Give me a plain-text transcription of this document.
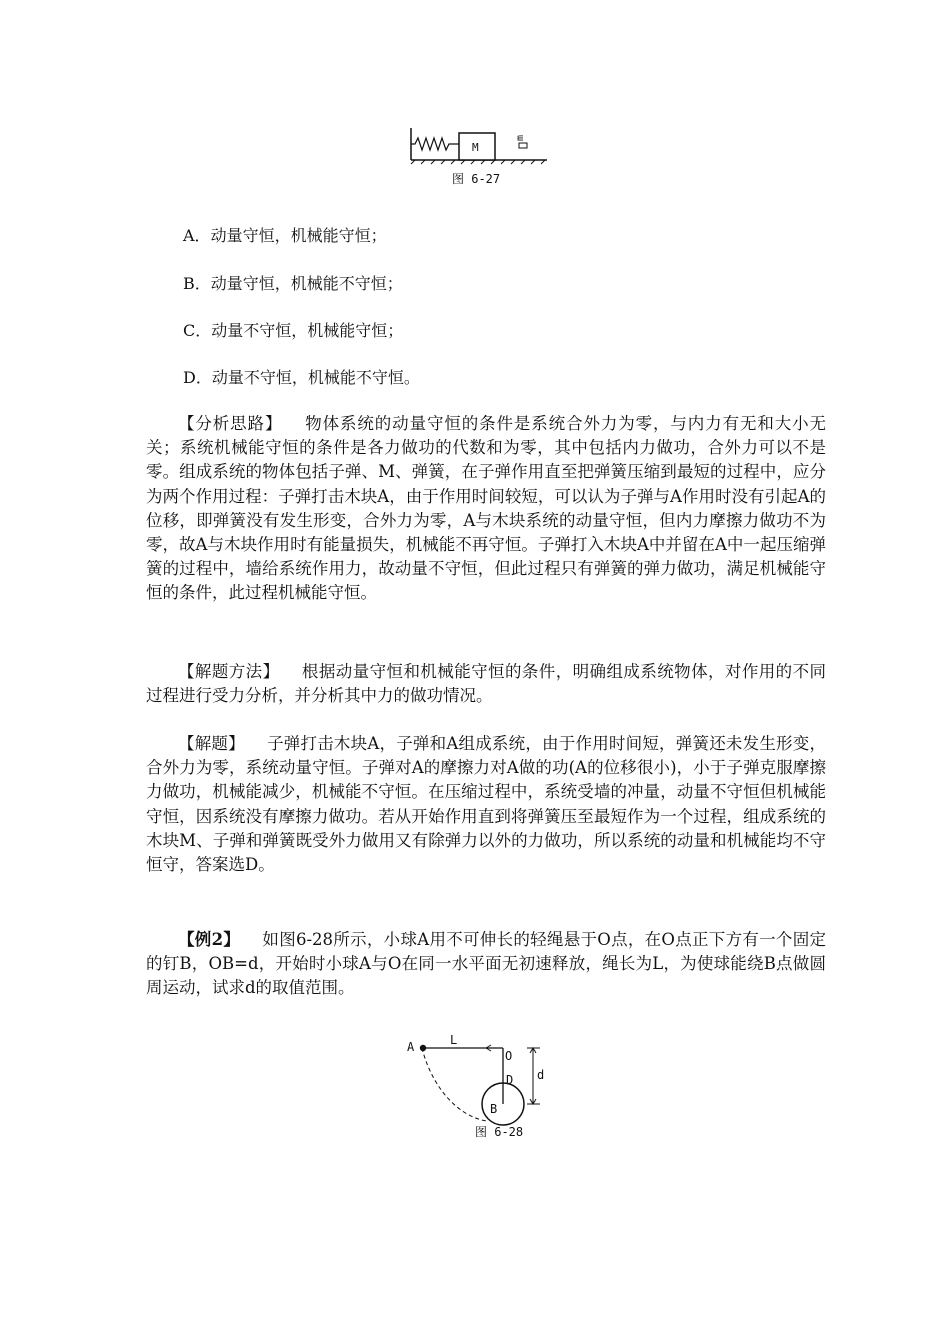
M
m
图 6-27
A．动量守恒，机械能守恒；
B．动量守恒，机械能不守恒；
C．动量不守恒，机械能守恒；
D．动量不守恒，机械能不守恒。
【分析思路】 物体系统的动量守恒的条件是系统合外力为零，与内力有无和大小无关；系统机械能守恒的条件是各力做功的代数和为零，其中包括内力做功，合外力可以不是零。组成系统的物体包括子弹、M、弹簧，在子弹作用直至把弹簧压缩到最短的过程中，应分为两个作用过程：子弹打击木块A，由于作用时间较短，可以认为子弹与A作用时没有引起A的位移，即弹簧没有发生形变，合外力为零，A与木块系统的动量守恒，但内力摩擦力做功不为零，故A与木块作用时有能量损失，机械能不再守恒。子弹打入木块A中并留在A中一起压缩弹簧的过程中，墙给系统作用力，故动量不守恒，但此过程只有弹簧的弹力做功，满足机械能守恒的条件，此过程机械能守恒。
【解题方法】 根据动量守恒和机械能守恒的条件，明确组成系统物体，对作用的不同过程进行受力分析，并分析其中力的做功情况。
【解题】 子弹打击木块A，子弹和A组成系统，由于作用时间短，弹簧还未发生形变，合外力为零，系统动量守恒。子弹对A的摩擦力对A做的功(A的位移很小)，小于子弹克服摩擦力做功，机械能减少，机械能不守恒。在压缩过程中，系统受墙的冲量，动量不守恒但机械能守恒，因系统没有摩擦力做功。若从开始作用直到将弹簧压至最短作为一个过程，组成系统的木块M、子弹和弹簧既受外力做用又有除弹力以外的力做功，所以系统的动量和机械能均不守恒守，答案选D。
【例2】 如图6-28所示，小球A用不可伸长的轻绳悬于O点，在O点正下方有一个固定的钉B，OB=d，开始时小球A与O在同一水平面无初速释放，绳长为L，为使球能绕B点做圆周运动，试求d的取值范围。
A	L
O
D d
B
图 6-28
